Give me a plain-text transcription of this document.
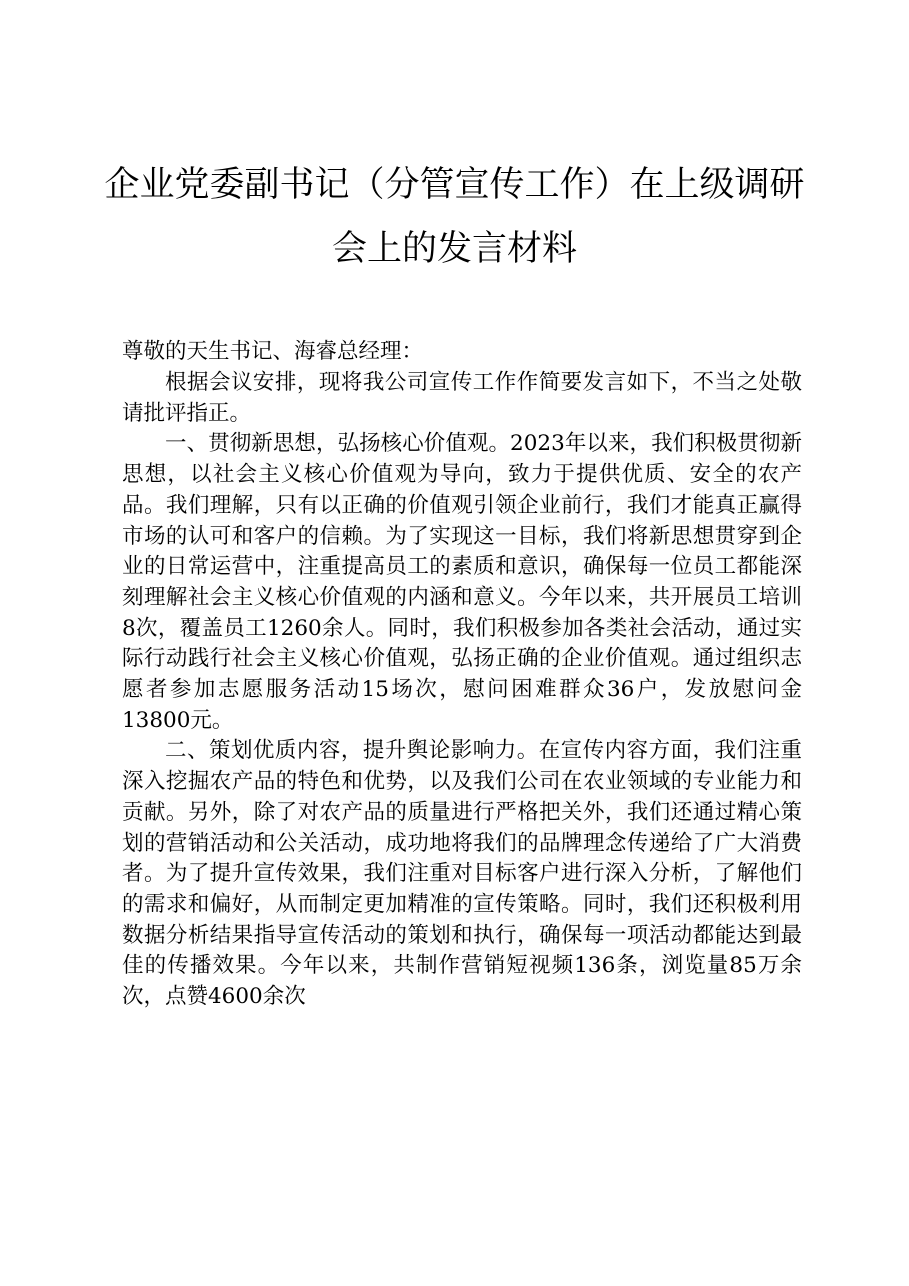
企业党委副书记（分管宣传工作）在上级调研
会上的发言材料

尊敬的天生书记、海睿总经理：

根据会议安排，现将我公司宣传工作作简要发言如下，不当之处敬请批评指正。

一、贯彻新思想，弘扬核心价值观。2023年以来，我们积极贯彻新思想，以社会主义核心价值观为导向，致力于提供优质、安全的农产品。我们理解，只有以正确的价值观引领企业前行，我们才能真正赢得市场的认可和客户的信赖。为了实现这一目标，我们将新思想贯穿到企业的日常运营中，注重提高员工的素质和意识，确保每一位员工都能深刻理解社会主义核心价值观的内涵和意义。今年以来，共开展员工培训8次，覆盖员工1260余人。同时，我们积极参加各类社会活动，通过实际行动践行社会主义核心价值观，弘扬正确的企业价值观。通过组织志愿者参加志愿服务活动15场次，慰问困难群众36户，发放慰问金13800元。

二、策划优质内容，提升舆论影响力。在宣传内容方面，我们注重深入挖掘农产品的特色和优势，以及我们公司在农业领域的专业能力和贡献。另外，除了对农产品的质量进行严格把关外，我们还通过精心策划的营销活动和公关活动，成功地将我们的品牌理念传递给了广大消费者。为了提升宣传效果，我们注重对目标客户进行深入分析，了解他们的需求和偏好，从而制定更加精准的宣传策略。同时，我们还积极利用数据分析结果指导宣传活动的策划和执行，确保每一项活动都能达到最佳的传播效果。今年以来，共制作营销短视频136条，浏览量85万余次，点赞4600余次
